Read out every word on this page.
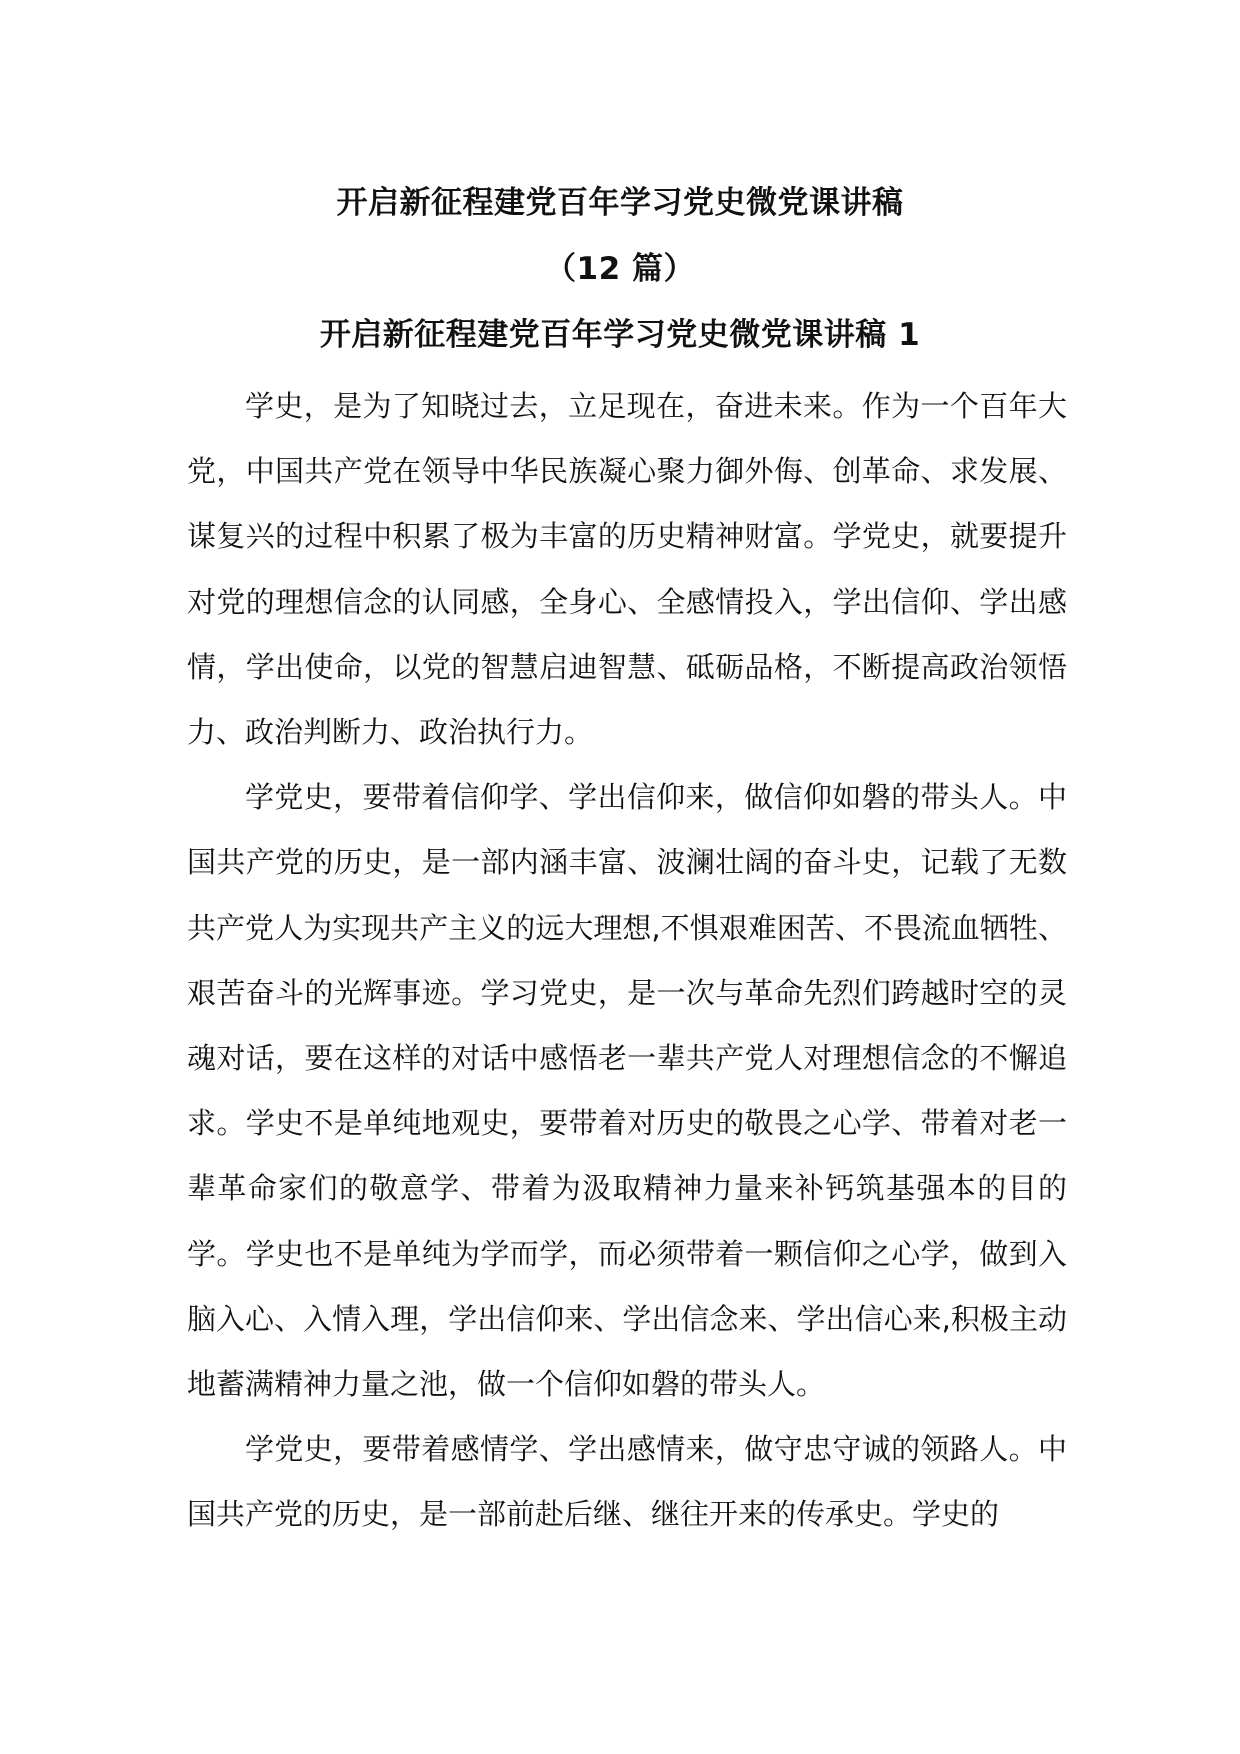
开启新征程建党百年学习党史微党课讲稿
（12 篇）
开启新征程建党百年学习党史微党课讲稿 1

学史，是为了知晓过去，立足现在，奋进未来。作为一个百年大党，中国共产党在领导中华民族凝心聚力御外侮、创革命、求发展、谋复兴的过程中积累了极为丰富的历史精神财富。学党史，就要提升对党的理想信念的认同感，全身心、全感情投入，学出信仰、学出感情，学出使命，以党的智慧启迪智慧、砥砺品格，不断提高政治领悟力、政治判断力、政治执行力。

学党史，要带着信仰学、学出信仰来，做信仰如磐的带头人。中国共产党的历史，是一部内涵丰富、波澜壮阔的奋斗史，记载了无数共产党人为实现共产主义的远大理想,不惧艰难困苦、不畏流血牺牲、艰苦奋斗的光辉事迹。学习党史，是一次与革命先烈们跨越时空的灵魂对话，要在这样的对话中感悟老一辈共产党人对理想信念的不懈追求。学史不是单纯地观史，要带着对历史的敬畏之心学、带着对老一辈革命家们的敬意学、带着为汲取精神力量来补钙筑基强本的目的学。学史也不是单纯为学而学，而必须带着一颗信仰之心学，做到入脑入心、入情入理，学出信仰来、学出信念来、学出信心来,积极主动地蓄满精神力量之池，做一个信仰如磐的带头人。

学党史，要带着感情学、学出感情来，做守忠守诚的领路人。中国共产党的历史，是一部前赴后继、继往开来的传承史。学史的
